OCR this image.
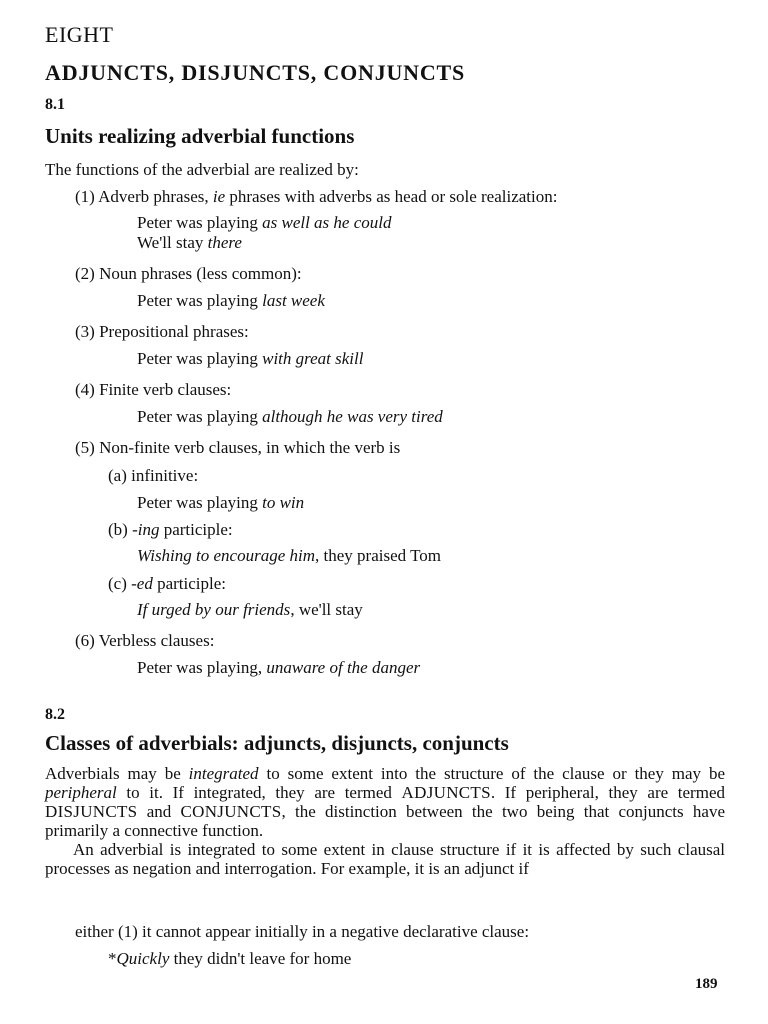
EIGHT
ADJUNCTS, DISJUNCTS, CONJUNCTS
8.1
Units realizing adverbial functions
The functions of the adverbial are realized by:
(1) Adverb phrases, ie phrases with adverbs as head or sole realization:
Peter was playing as well as he could
We'll stay there
(2) Noun phrases (less common):
Peter was playing last week
(3) Prepositional phrases:
Peter was playing with great skill
(4) Finite verb clauses:
Peter was playing although he was very tired
(5) Non-finite verb clauses, in which the verb is
(a) infinitive:
Peter was playing to win
(b) -ing participle:
Wishing to encourage him, they praised Tom
(c) -ed participle:
If urged by our friends, we'll stay
(6) Verbless clauses:
Peter was playing, unaware of the danger
8.2
Classes of adverbials: adjuncts, disjuncts, conjuncts

Adverbials may be integrated to some extent into the structure of the clause or they may be peripheral to it. If integrated, they are termed ADJUNCTS. If peripheral, they are termed DISJUNCTS and CONJUNCTS, the distinction between the two being that conjuncts have primarily a connective function.

An adverbial is integrated to some extent in clause structure if it is affected by such clausal processes as negation and interrogation. For example, it is an adjunct if

either (1) it cannot appear initially in a negative declarative clause:
*Quickly they didn't leave for home
189
